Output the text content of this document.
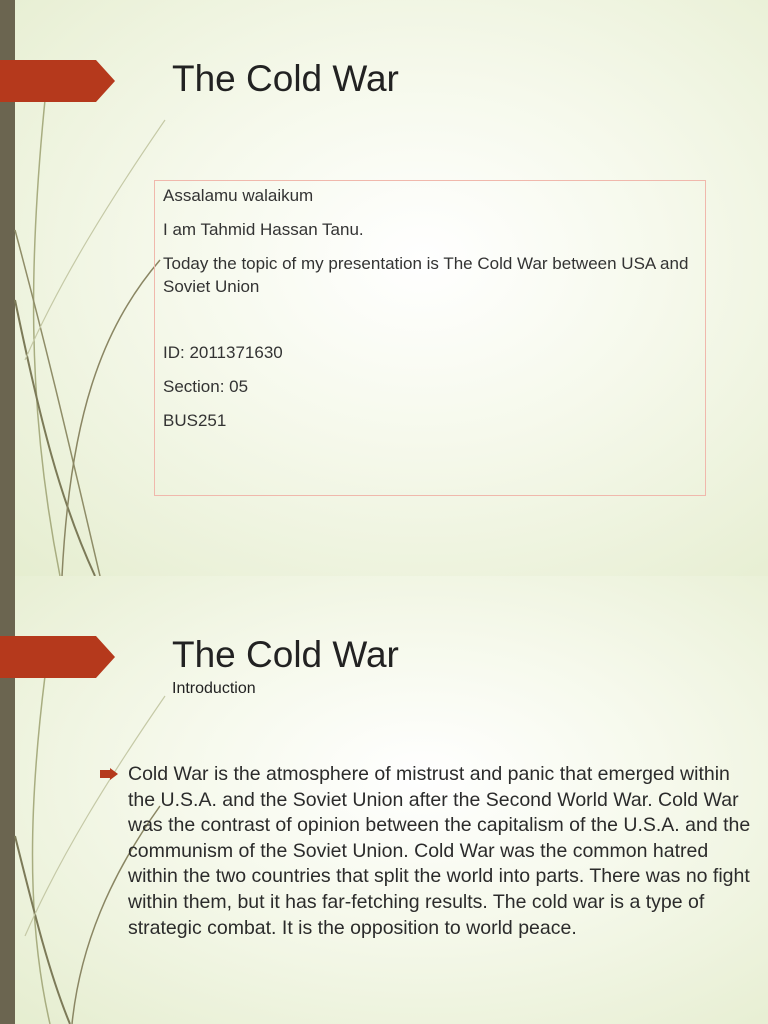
The Cold War
Assalamu walaikum
I am Tahmid Hassan Tanu.
Today the topic of my presentation is The Cold War between USA and Soviet Union
ID: 2011371630
Section: 05
BUS251
The Cold War
Introduction
Cold War is the atmosphere of mistrust and panic that emerged within the U.S.A. and the Soviet Union after the Second World War. Cold War was the contrast of opinion between the capitalism of the U.S.A. and the communism of the Soviet Union. Cold War was the common hatred within the two countries that split the world into parts. There was no fight within them, but it has far-fetching results. The cold war is a type of strategic combat. It is the opposition to world peace.
